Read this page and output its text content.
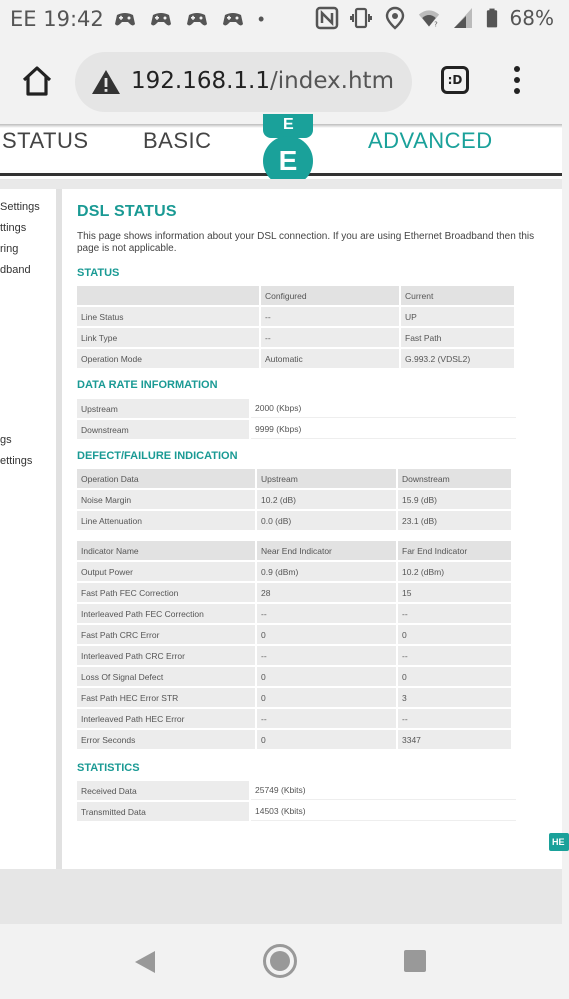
EE 19:42	•	?	68%
192.168.1.1/index.htm	:D
STATUS BASIC
E
E
ADVANCED
Settings
ttings
ring
dband
gs
ettings
DSL STATUS
This page shows information about your DSL connection. If you are using Ethernet Broadband then this page is not applicable.
STATUS
	Configured	Current
Line Status	--	UP
Link Type	--	Fast Path
Operation Mode	Automatic	G.993.2 (VDSL2)
DATA RATE INFORMATION
Upstream	2000 (Kbps)
Downstream	9999 (Kbps)
DEFECT/FAILURE INDICATION
Operation Data	Upstream	Downstream
Noise Margin	10.2 (dB)	15.9 (dB)
Line Attenuation	0.0 (dB)	23.1 (dB)
Indicator Name	Near End Indicator	Far End Indicator
Output Power	0.9 (dBm)	10.2 (dBm)
Fast Path FEC Correction	28	15
Interleaved Path FEC Correction	--	--
Fast Path CRC Error	0	0
Interleaved Path CRC Error	--	--
Loss Of Signal Defect	0	0
Fast Path HEC Error STR	0	3
Interleaved Path HEC Error	--	--
Error Seconds	0	3347
STATISTICS
Received Data	25749 (Kbits)
Transmitted Data	14503 (Kbits)
HE
